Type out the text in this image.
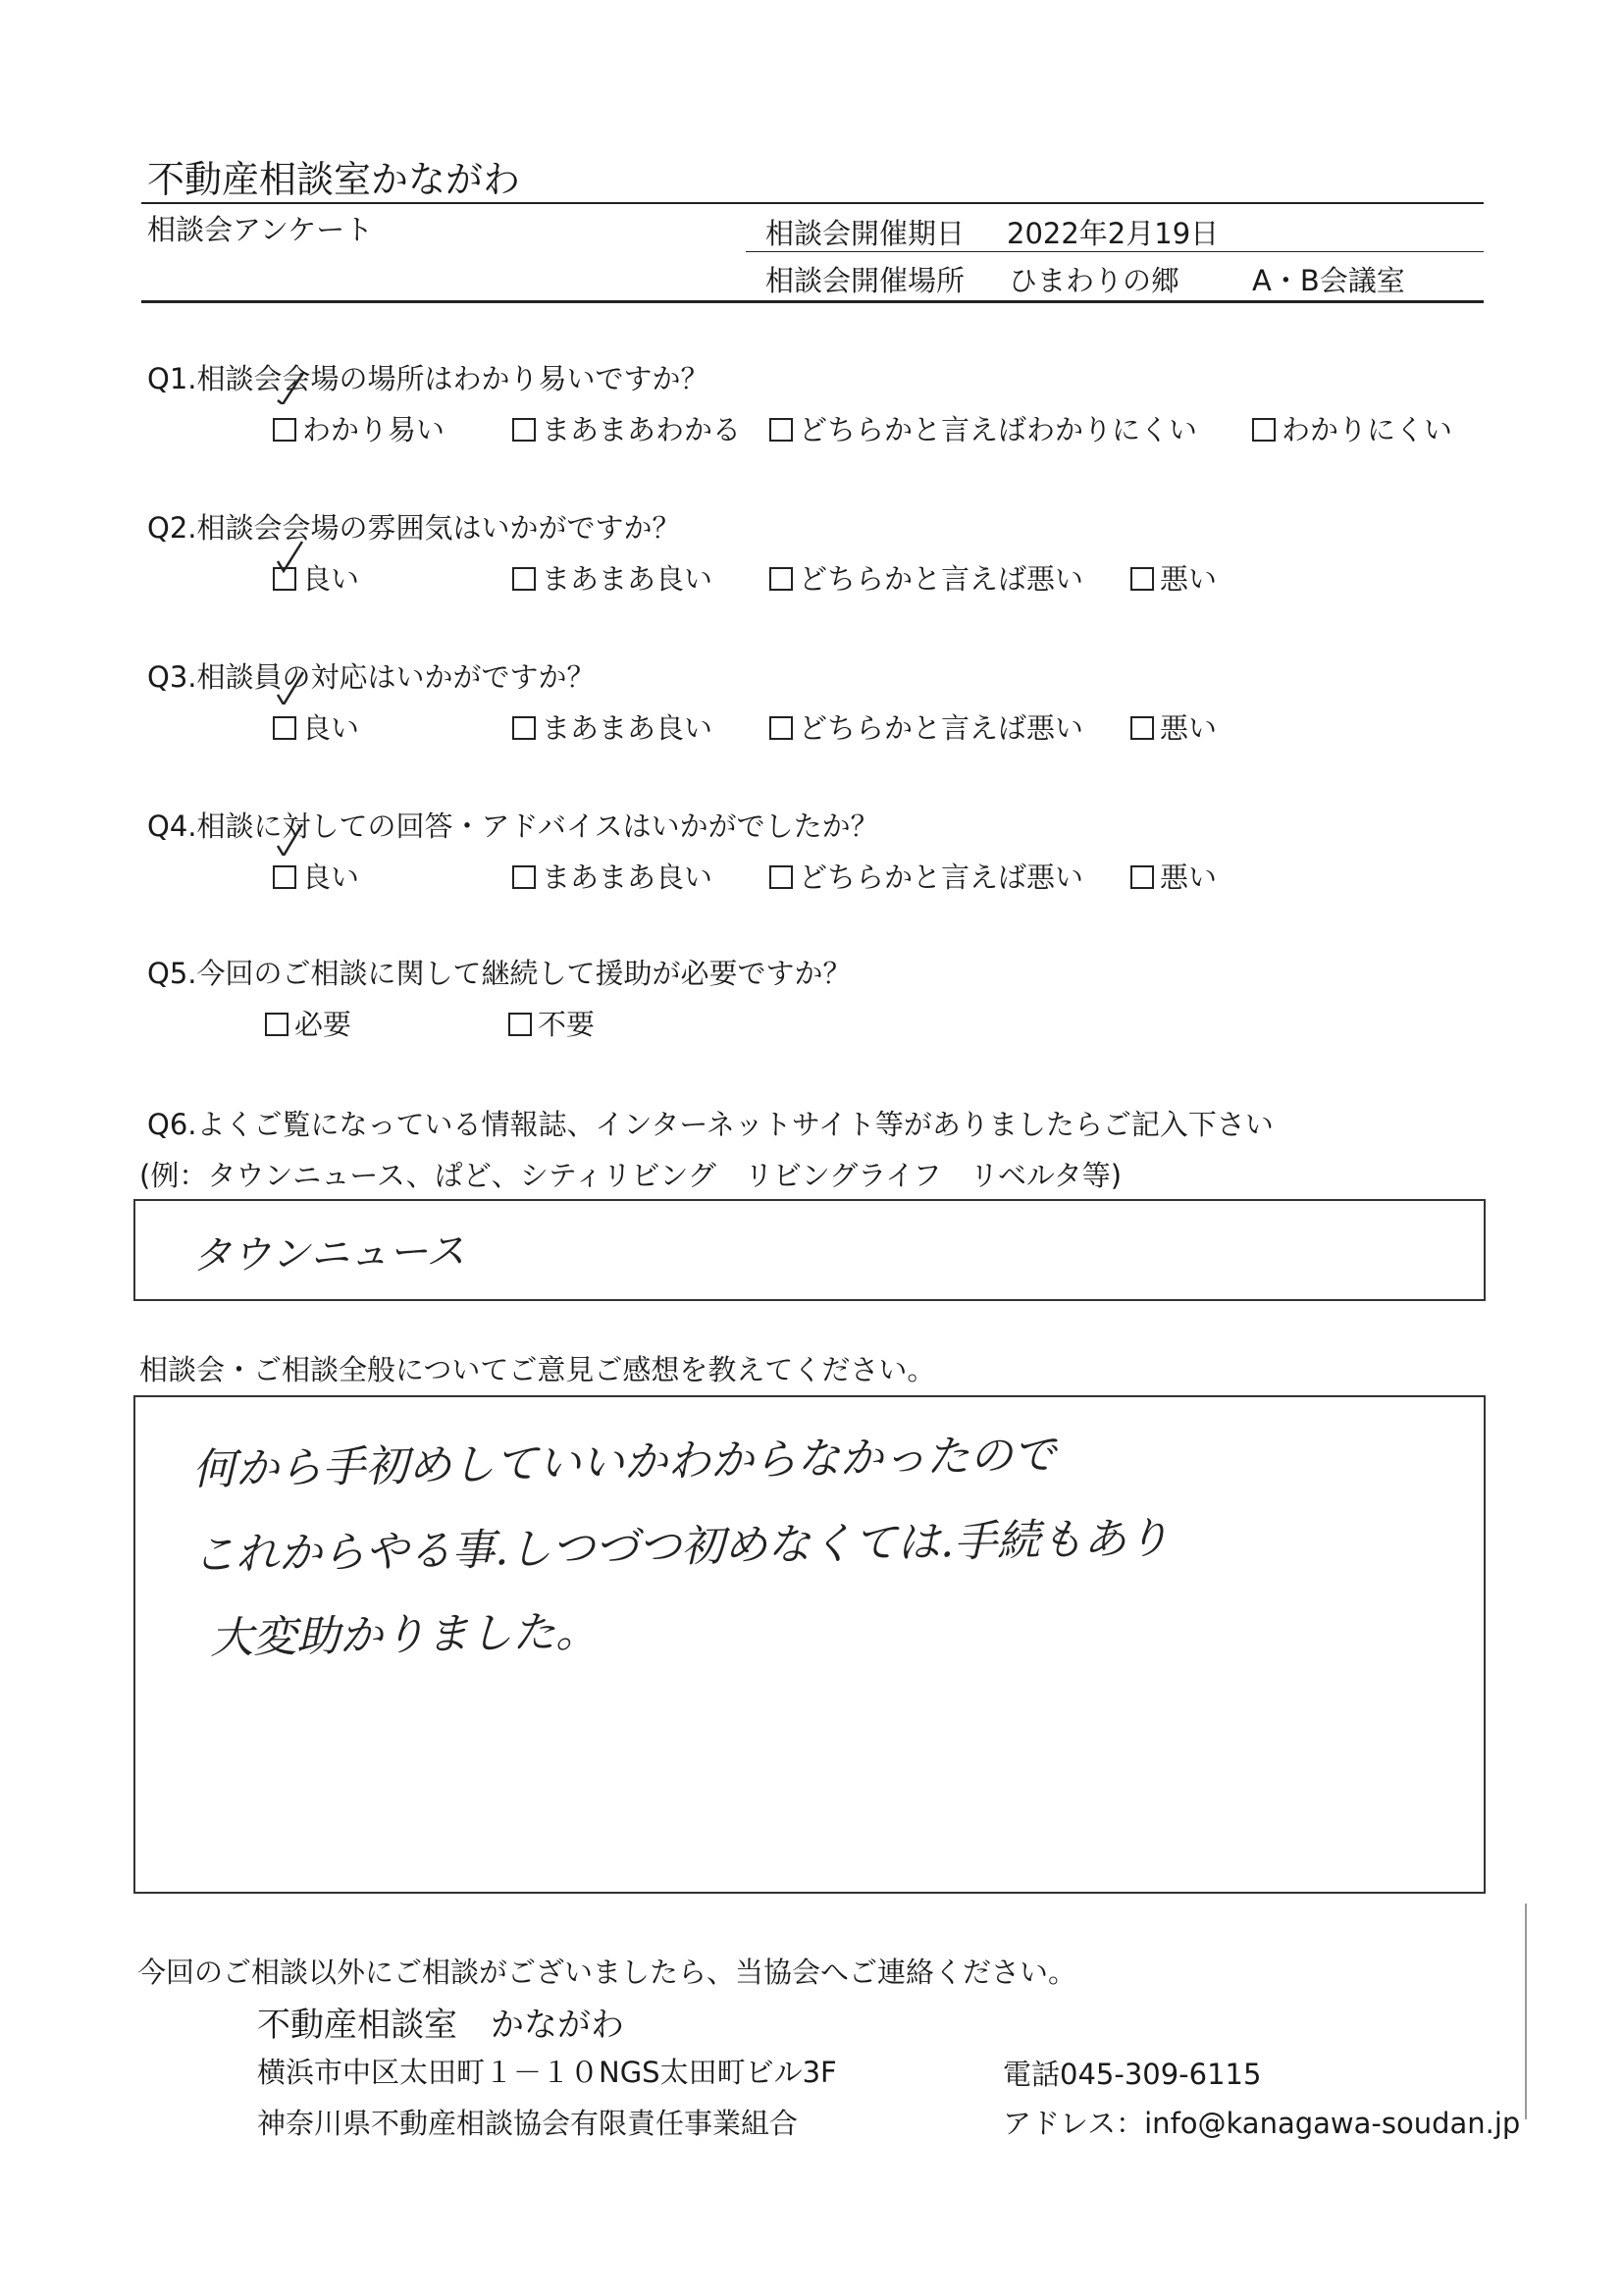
不動産相談室かながわ
相談会アンケート	相談会開催期日 2022年2月19日
相談会開催場所 ひまわりの郷	A・B会議室
Q1.相談会会場の場所はわかり易いですか？
わかり易い	まあまあわかる どちらかと言えばわかりにくい	わかりにくい
Q2.相談会会場の雰囲気はいかがですか？
良い	まあまあ良い	どちらかと言えば悪い	悪い
Q3.相談員の対応はいかがですか？
良い	まあまあ良い	どちらかと言えば悪い	悪い
Q4.相談に対しての回答・アドバイスはいかがでしたか？
良い	まあまあ良い	どちらかと言えば悪い	悪い
Q5.今回のご相談に関して継続して援助が必要ですか？
必要	不要
Q6.よくご覧になっている情報誌、インターネットサイト等がありましたらご記入下さい
(例：タウンニュース、ぱど、シティリビング　リビングライフ　リベルタ等)
タウンニュース
相談会・ご相談全般についてご意見ご感想を教えてください。
何から手初めしていいかわからなかったので
これからやる事.しつづつ初めなくては.手続もあり
大変助かりました。
今回のご相談以外にご相談がございましたら、当協会へご連絡ください。
不動産相談室　かながわ
横浜市中区太田町１－１０NGS太田町ビル3F
神奈川県不動産相談協会有限責任事業組合
電話045-309-6115
アドレス：info@kanagawa-soudan.jp
